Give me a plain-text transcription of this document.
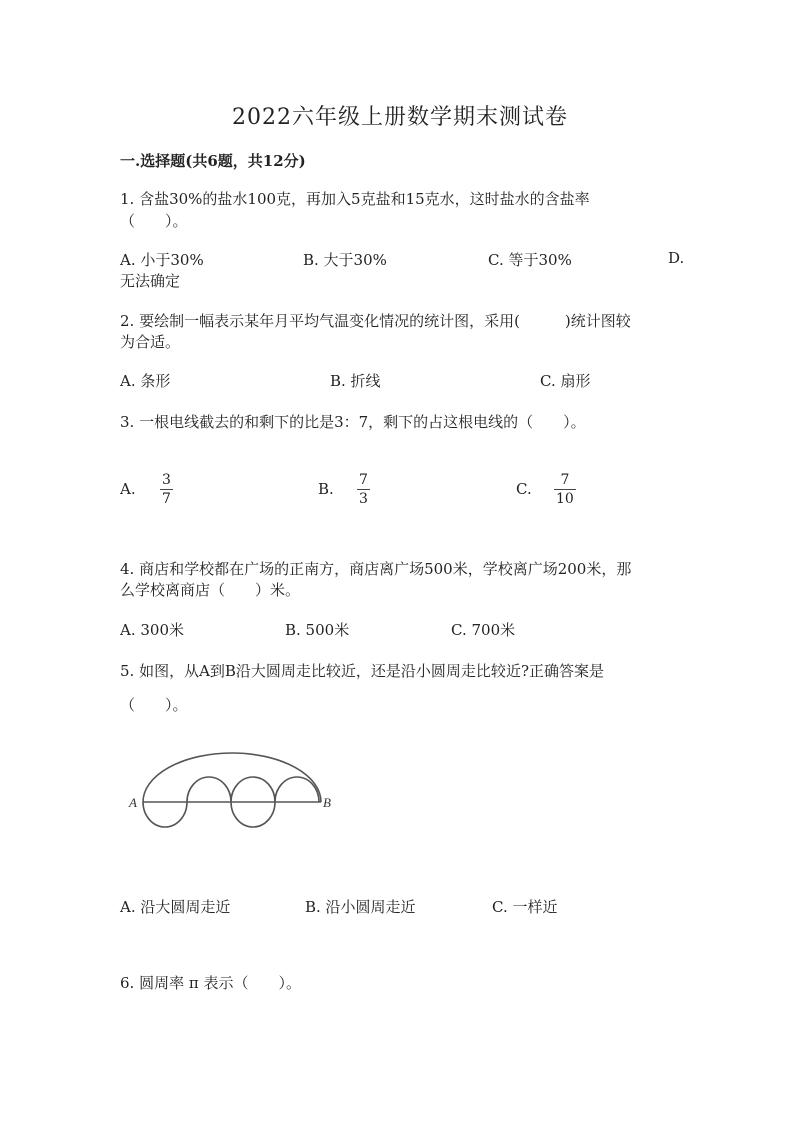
2022六年级上册数学期末测试卷
一.选择题(共6题，共12分)
1. 含盐30%的盐水100克，再加入5克盐和15克水，这时盐水的含盐率
（　　）。
A. 小于30%	B. 大于30%	C. 等于30%	D.
无法确定
2. 要绘制一幅表示某年月平均气温变化情况的统计图，采用(　　　)统计图较
为合适。
A. 条形	B. 折线	C. 扇形
3. 一根电线截去的和剩下的比是3：7，剩下的占这根电线的（　　）。
A. 3
7
B. 7
3
C.	7
10
4. 商店和学校都在广场的正南方，商店离广场500米，学校离广场200米，那
么学校离商店（　　）米。
A. 300米	B. 500米	C. 700米
5. 如图，从A到B沿大圆周走比较近，还是沿小圆周走比较近?正确答案是
（　　）。
A	B
A. 沿大圆周走近	B. 沿小圆周走近	C. 一样近
6. 圆周率 π 表示（　　）。
